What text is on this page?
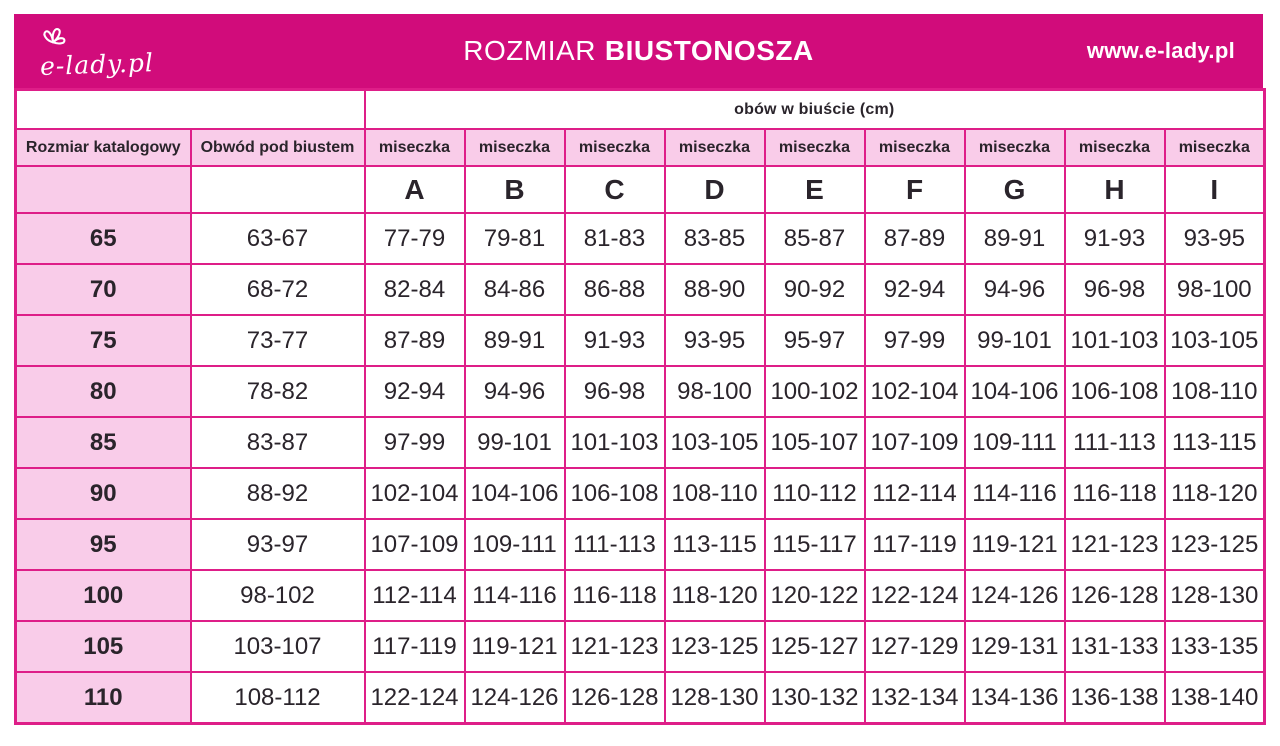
e-lady.pl	ROZMIAR BIUSTONOSZA	www.e-lady.pl
		obów w biuście (cm)								
Rozmiar katalogowy	Obwód pod biustem	miseczka	miseczka	miseczka	miseczka	miseczka	miseczka	miseczka	miseczka	miseczka
		A	B	C	D	E	F	G	H	I
65	63-67	77-79	79-81	81-83	83-85	85-87	87-89	89-91	91-93	93-95
70	68-72	82-84	84-86	86-88	88-90	90-92	92-94	94-96	96-98	98-100
75	73-77	87-89	89-91	91-93	93-95	95-97	97-99	99-101	101-103	103-105
80	78-82	92-94	94-96	96-98	98-100	100-102	102-104	104-106	106-108	108-110
85	83-87	97-99	99-101	101-103	103-105	105-107	107-109	109-111	111-113	113-115
90	88-92	102-104	104-106	106-108	108-110	110-112	112-114	114-116	116-118	118-120
95	93-97	107-109	109-111	111-113	113-115	115-117	117-119	119-121	121-123	123-125
100	98-102	112-114	114-116	116-118	118-120	120-122	122-124	124-126	126-128	128-130
105	103-107	117-119	119-121	121-123	123-125	125-127	127-129	129-131	131-133	133-135
110	108-112	122-124	124-126	126-128	128-130	130-132	132-134	134-136	136-138	138-140
